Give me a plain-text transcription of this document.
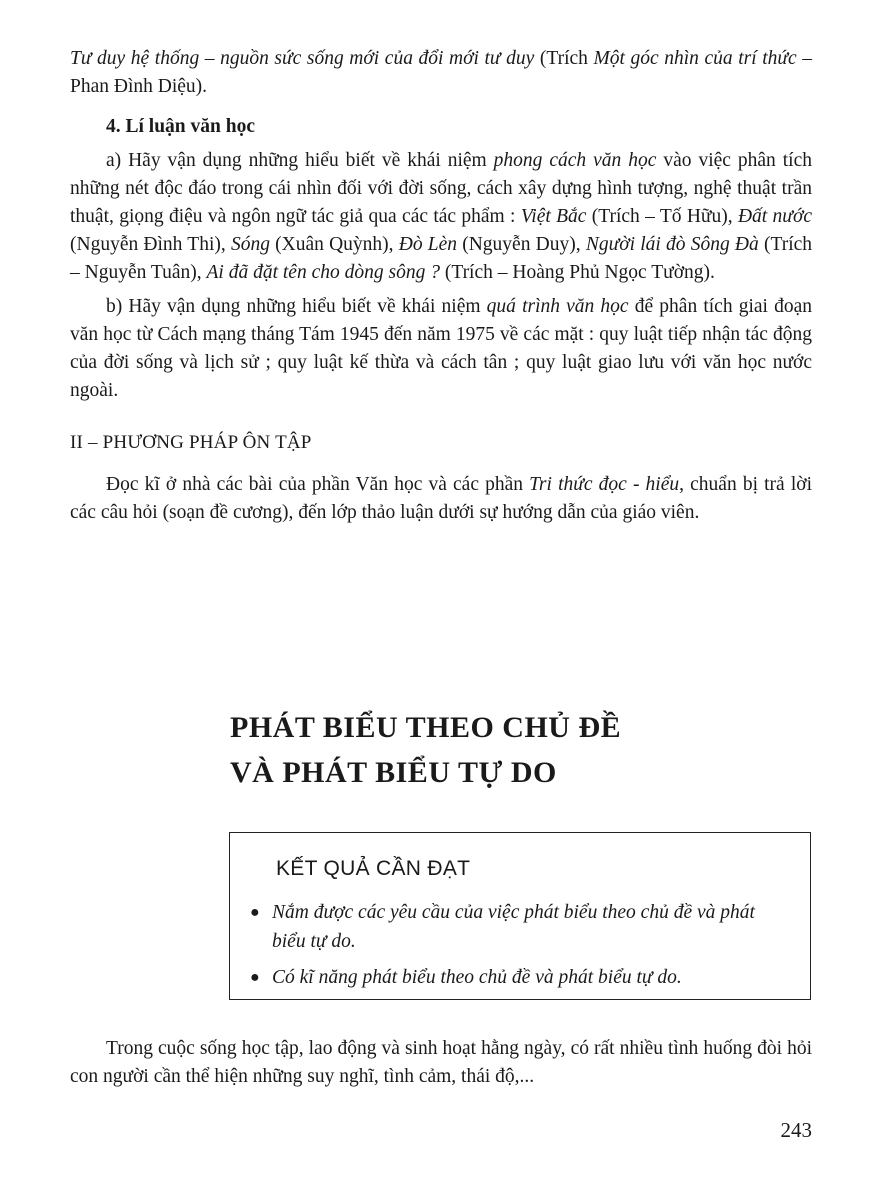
Tư duy hệ thống – nguồn sức sống mới của đổi mới tư duy (Trích Một góc nhìn của trí thức – Phan Đình Diệu).

4. Lí luận văn học

a) Hãy vận dụng những hiểu biết về khái niệm phong cách văn học vào việc phân tích những nét độc đáo trong cái nhìn đối với đời sống, cách xây dựng hình tượng, nghệ thuật trần thuật, giọng điệu và ngôn ngữ tác giả qua các tác phẩm : Việt Bắc (Trích – Tố Hữu), Đất nước (Nguyễn Đình Thi), Sóng (Xuân Quỳnh), Đò Lèn (Nguyễn Duy), Người lái đò Sông Đà (Trích – Nguyễn Tuân), Ai đã đặt tên cho dòng sông ? (Trích – Hoàng Phủ Ngọc Tường).

b) Hãy vận dụng những hiểu biết về khái niệm quá trình văn học để phân tích giai đoạn văn học từ Cách mạng tháng Tám 1945 đến năm 1975 về các mặt : quy luật tiếp nhận tác động của đời sống và lịch sử ; quy luật kế thừa và cách tân ; quy luật giao lưu với văn học nước ngoài.

II – PHƯƠNG PHÁP ÔN TẬP

Đọc kĩ ở nhà các bài của phần Văn học và các phần Tri thức đọc - hiểu, chuẩn bị trả lời các câu hỏi (soạn đề cương), đến lớp thảo luận dưới sự hướng dẫn của giáo viên.

PHÁT BIỂU THEO CHỦ ĐỀ
VÀ PHÁT BIỂU TỰ DO
KẾT QUẢ CẦN ĐẠT
● Nắm được các yêu cầu của việc phát biểu theo chủ đề và phát biểu tự do.
● Có kĩ năng phát biểu theo chủ đề và phát biểu tự do.

Trong cuộc sống học tập, lao động và sinh hoạt hằng ngày, có rất nhiều tình huống đòi hỏi con người cần thể hiện những suy nghĩ, tình cảm, thái độ,...

243
